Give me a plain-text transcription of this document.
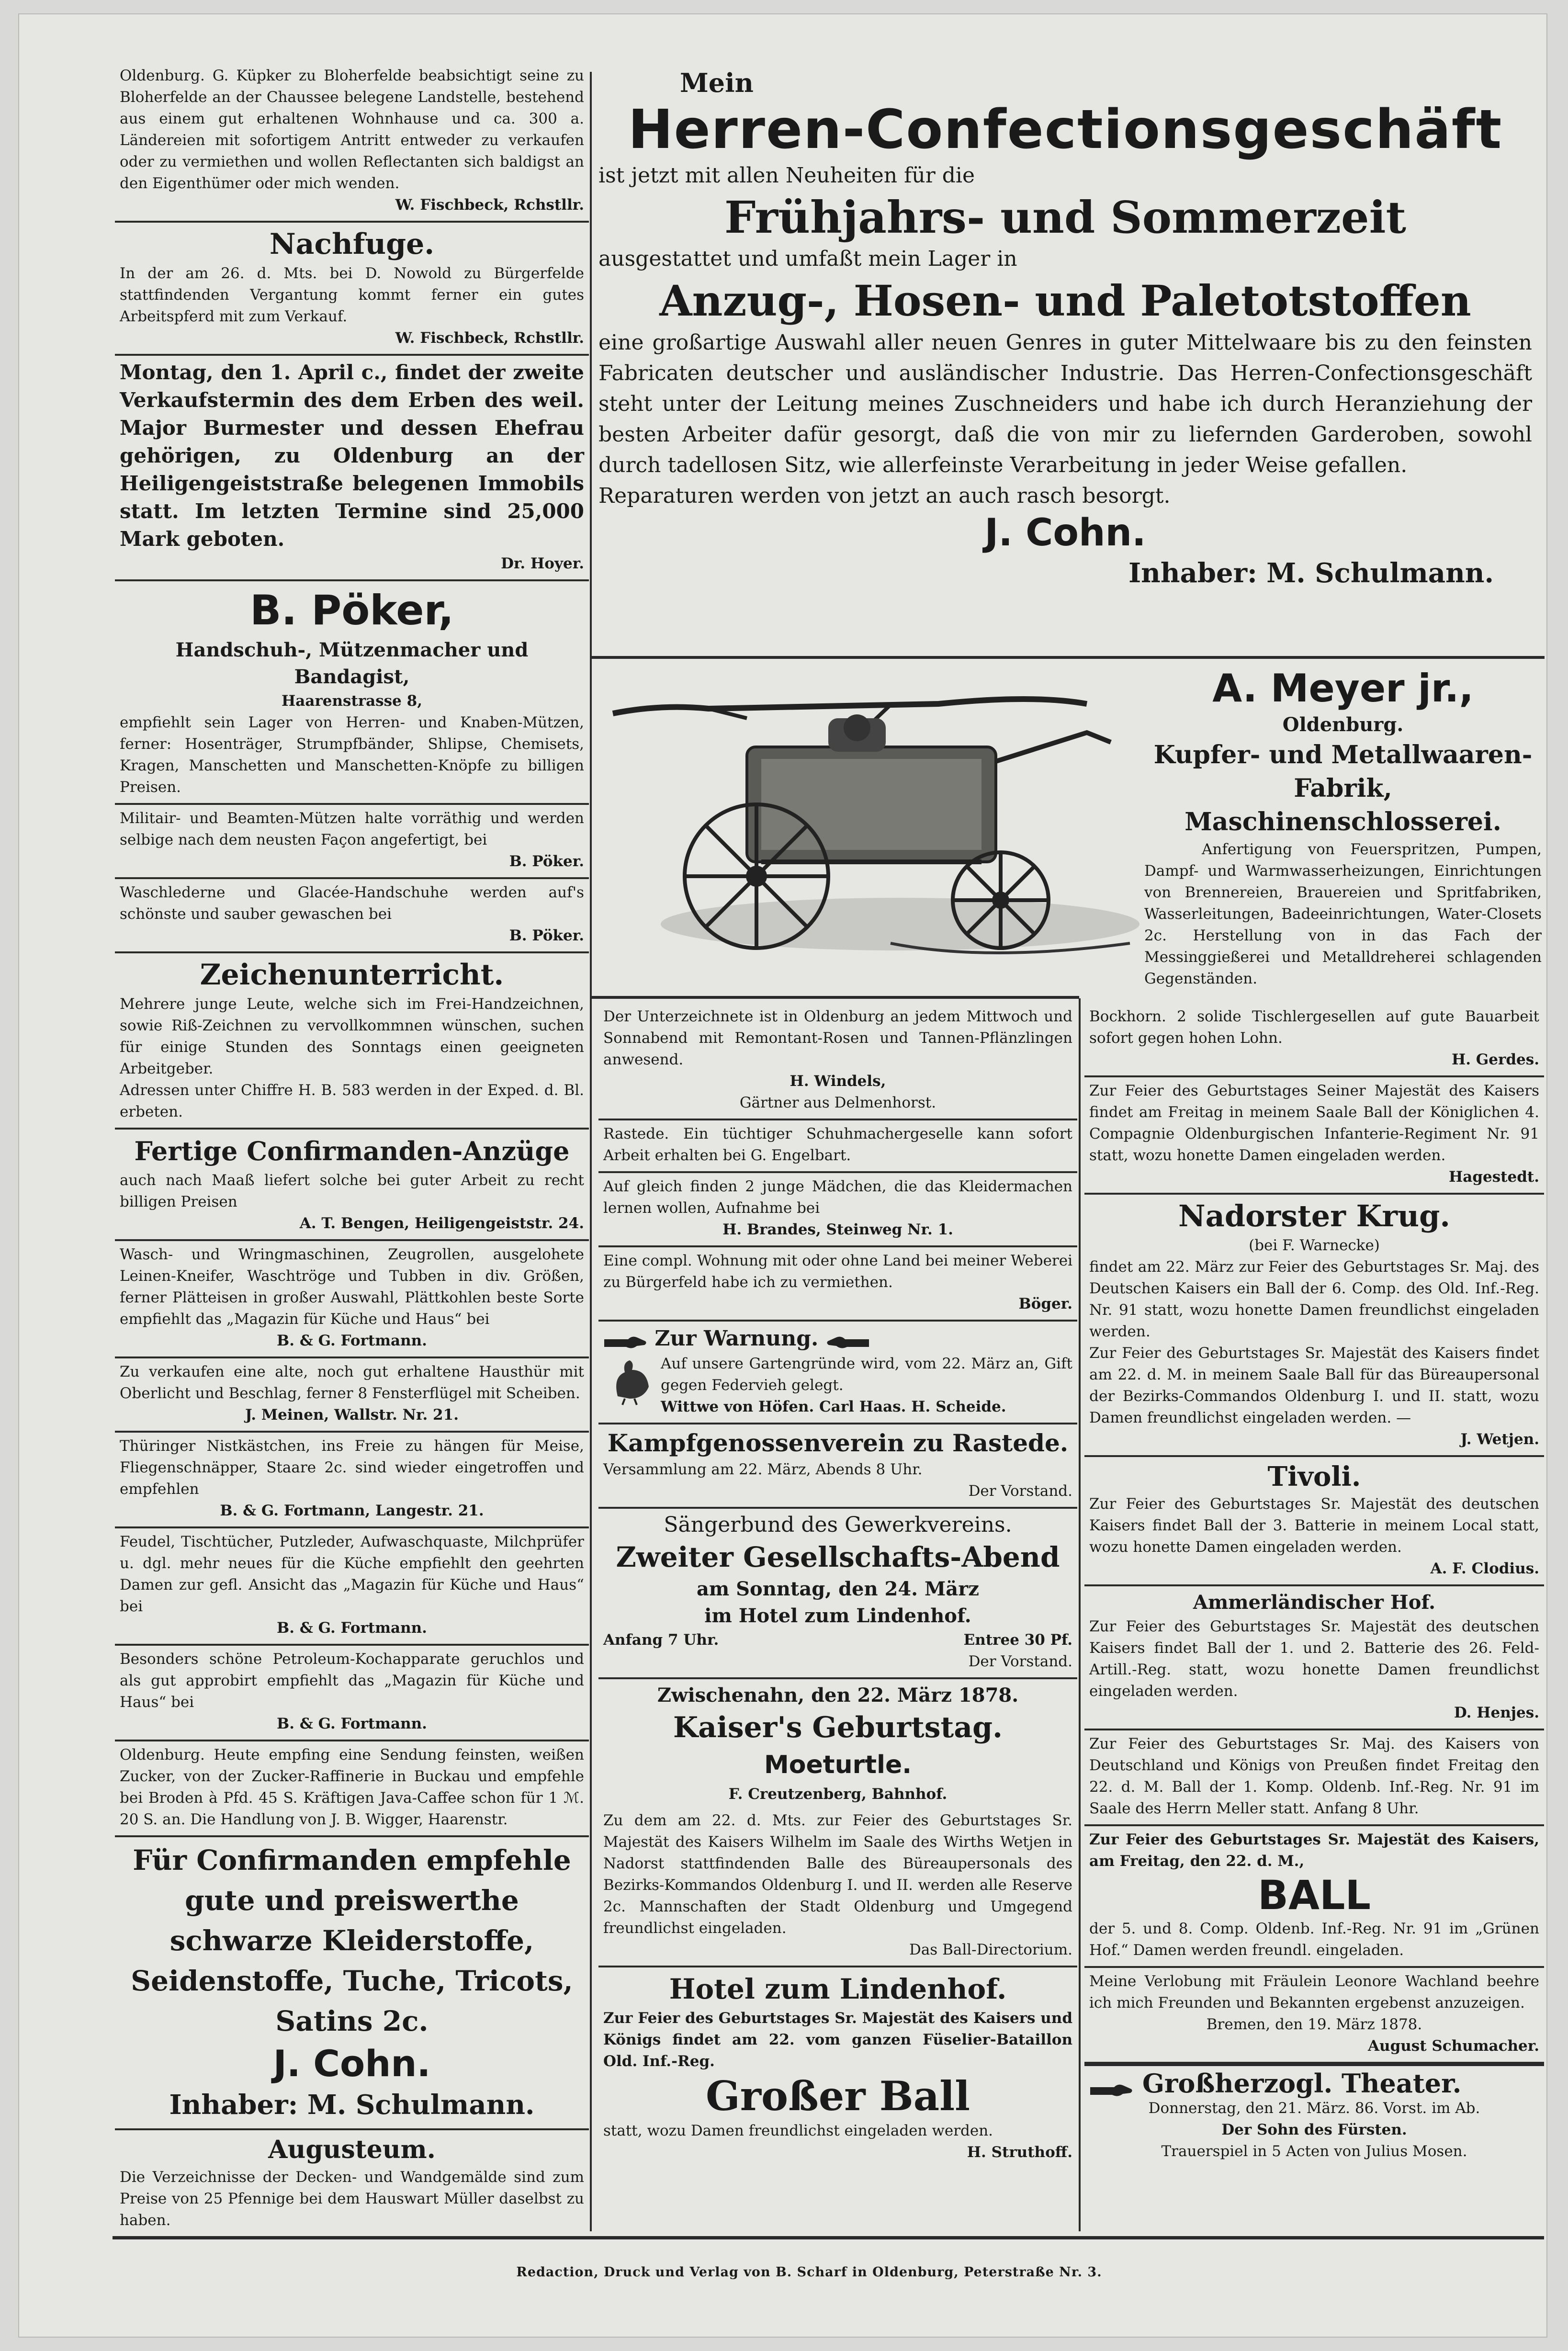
Oldenburg. G. Küpker zu Bloherfelde beabsichtigt seine zu Bloherfelde an der Chaussee belegene Landstelle, bestehend aus einem gut erhaltenen Wohnhause und ca. 300 a. Ländereien mit sofortigem Antritt entweder zu verkaufen oder zu vermiethen und wollen Reflectanten sich baldigst an den Eigenthümer oder mich wenden.

W. Fischbeck, Rchstllr.

Nachfuge.

In der am 26. d. Mts. bei D. Nowold zu Bürgerfelde stattfindenden Vergantung kommt ferner ein gutes Arbeitspferd mit zum Verkauf.

W. Fischbeck, Rchstllr.

Montag, den 1. April c., findet der zweite Verkaufstermin des dem Erben des weil. Major Burmester und dessen Ehefrau gehörigen, zu Oldenburg an der Heiligengeiststraße belegenen Immobils statt. Im letzten Termine sind 25,000 Mark geboten.

Dr. Hoyer.

B. Pöker,

Handschuh-, Mützenmacher und Bandagist,

Haarenstrasse 8,

empfiehlt sein Lager von Herren- und Knaben-Mützen, ferner: Hosenträger, Strumpfbänder, Shlipse, Chemisets, Kragen, Manschetten und Manschetten-Knöpfe zu billigen Preisen.

Militair- und Beamten-Mützen halte vorräthig und werden selbige nach dem neusten Façon angefertigt, bei

B. Pöker.

Waschlederne und Glacée-Handschuhe werden auf's schönste und sauber gewaschen bei

B. Pöker.

Zeichenunterricht.

Mehrere junge Leute, welche sich im Frei-Handzeichnen, sowie Riß-Zeichnen zu vervollkommnen wünschen, suchen für einige Stunden des Sonntags einen geeigneten Arbeitgeber.

Adressen unter Chiffre H. B. 583 werden in der Exped. d. Bl. erbeten.

Fertige Confirmanden-Anzüge

auch nach Maaß liefert solche bei guter Arbeit zu recht billigen Preisen

A. T. Bengen, Heiligengeiststr. 24.

Wasch- und Wringmaschinen, Zeugrollen, ausgelohete Leinen-Kneifer, Waschtröge und Tubben in div. Größen, ferner Plätteisen in großer Auswahl, Plättkohlen beste Sorte empfiehlt das „Magazin für Küche und Haus“ bei

B. & G. Fortmann.

Zu verkaufen eine alte, noch gut erhaltene Hausthür mit Oberlicht und Beschlag, ferner 8 Fensterflügel mit Scheiben.

J. Meinen, Wallstr. Nr. 21.

Thüringer Nistkästchen, ins Freie zu hängen für Meise, Fliegenschnäpper, Staare 2c. sind wieder eingetroffen und empfehlen

B. & G. Fortmann, Langestr. 21.

Feudel, Tischtücher, Putzleder, Aufwaschquaste, Milchprüfer u. dgl. mehr neues für die Küche empfiehlt den geehrten Damen zur gefl. Ansicht das „Magazin für Küche und Haus“ bei

B. & G. Fortmann.

Besonders schöne Petroleum-Kochapparate geruchlos und als gut approbirt empfiehlt das „Magazin für Küche und Haus“ bei

B. & G. Fortmann.

Oldenburg. Heute empfing eine Sendung feinsten, weißen Zucker, von der Zucker-Raffinerie in Buckau und empfehle bei Broden à Pfd. 45 S. Kräftigen Java-Caffee schon für 1 ℳ. 20 S. an. Die Handlung von J. B. Wigger, Haarenstr.

Für Confirmanden empfehle gute und preiswerthe schwarze Kleiderstoffe, Seidenstoffe, Tuche, Tricots, Satins 2c.

J. Cohn.

Inhaber: M. Schulmann.

Augusteum.

Die Verzeichnisse der Decken- und Wandgemälde sind zum Preise von 25 Pfennige bei dem Hauswart Müller daselbst zu haben.

Mein

Herren-Confectionsgeschäft

ist jetzt mit allen Neuheiten für die

Frühjahrs- und Sommerzeit

ausgestattet und umfaßt mein Lager in

Anzug-, Hosen- und Paletotstoffen

eine großartige Auswahl aller neuen Genres in guter Mittelwaare bis zu den feinsten Fabricaten deutscher und ausländischer Industrie. Das Herren-Confectionsgeschäft steht unter der Leitung meines Zuschneiders und habe ich durch Heranziehung der besten Arbeiter dafür gesorgt, daß die von mir zu liefernden Garderoben, sowohl durch tadellosen Sitz, wie allerfeinste Verarbeitung in jeder Weise gefallen.

Reparaturen werden von jetzt an auch rasch besorgt.

J. Cohn.

Inhaber: M. Schulmann.

A. Meyer jr.,

Oldenburg.

Kupfer- und Metallwaaren-Fabrik, Maschinenschlosserei.

Anfertigung von Feuerspritzen, Pumpen, Dampf- und Warmwasserheizungen, Einrichtungen von Brennereien, Brauereien und Spritfabriken, Wasserleitungen, Badeeinrichtungen, Water-Closets 2c. Herstellung von in das Fach der Messinggießerei und Metalldreherei schlagenden Gegenständen.

Der Unterzeichnete ist in Oldenburg an jedem Mittwoch und Sonnabend mit Remontant-Rosen und Tannen-Pflänzlingen anwesend.

H. Windels,

Gärtner aus Delmenhorst.

Rastede. Ein tüchtiger Schuhmachergeselle kann sofort Arbeit erhalten bei G. Engelbart.

Auf gleich finden 2 junge Mädchen, die das Kleidermachen lernen wollen, Aufnahme bei

H. Brandes, Steinweg Nr. 1.

Eine compl. Wohnung mit oder ohne Land bei meiner Weberei zu Bürgerfeld habe ich zu vermiethen.

Böger.

Zur Warnung.

Auf unsere Gartengründe wird, vom 22. März an, Gift gegen Federvieh gelegt.

Wittwe von Höfen. Carl Haas. H. Scheide.

Kampfgenossenverein zu Rastede.

Versammlung am 22. März, Abends 8 Uhr.

Der Vorstand.

Sängerbund des Gewerkvereins.

Zweiter Gesellschafts-Abend

am Sonntag, den 24. März

im Hotel zum Lindenhof.

Anfang 7 Uhr.	Entree 30 Pf.

Der Vorstand.

Zwischenahn, den 22. März 1878.

Kaiser's Geburtstag.

Moeturtle.

F. Creutzenberg, Bahnhof.

Zu dem am 22. d. Mts. zur Feier des Geburtstages Sr. Majestät des Kaisers Wilhelm im Saale des Wirths Wetjen in Nadorst stattfindenden Balle des Büreaupersonals des Bezirks-Kommandos Oldenburg I. und II. werden alle Reserve 2c. Mannschaften der Stadt Oldenburg und Umgegend freundlichst eingeladen.

Das Ball-Directorium.

Hotel zum Lindenhof.

Zur Feier des Geburtstages Sr. Majestät des Kaisers und Königs findet am 22. vom ganzen Füselier-Bataillon Old. Inf.-Reg.

Großer Ball

statt, wozu Damen freundlichst eingeladen werden.

H. Struthoff.

Bockhorn. 2 solide Tischlergesellen auf gute Bauarbeit sofort gegen hohen Lohn.

H. Gerdes.

Zur Feier des Geburtstages Seiner Majestät des Kaisers findet am Freitag in meinem Saale Ball der Königlichen 4. Compagnie Oldenburgischen Infanterie-Regiment Nr. 91 statt, wozu honette Damen eingeladen werden.

Hagestedt.

Nadorster Krug.

(bei F. Warnecke)

findet am 22. März zur Feier des Geburtstages Sr. Maj. des Deutschen Kaisers ein Ball der 6. Comp. des Old. Inf.-Reg. Nr. 91 statt, wozu honette Damen freundlichst eingeladen werden.

Zur Feier des Geburtstages Sr. Majestät des Kaisers findet am 22. d. M. in meinem Saale Ball für das Büreaupersonal der Bezirks-Commandos Oldenburg I. und II. statt, wozu Damen freundlichst eingeladen werden. —

J. Wetjen.

Tivoli.

Zur Feier des Geburtstages Sr. Majestät des deutschen Kaisers findet Ball der 3. Batterie in meinem Local statt, wozu honette Damen eingeladen werden.

A. F. Clodius.

Ammerländischer Hof.

Zur Feier des Geburtstages Sr. Majestät des deutschen Kaisers findet Ball der 1. und 2. Batterie des 26. Feld-Artill.-Reg. statt, wozu honette Damen freundlichst eingeladen werden.

D. Henjes.

Zur Feier des Geburtstages Sr. Maj. des Kaisers von Deutschland und Königs von Preußen findet Freitag den 22. d. M. Ball der 1. Komp. Oldenb. Inf.-Reg. Nr. 91 im Saale des Herrn Meller statt. Anfang 8 Uhr.

Zur Feier des Geburtstages Sr. Majestät des Kaisers, am Freitag, den 22. d. M.,

BALL

der 5. und 8. Comp. Oldenb. Inf.-Reg. Nr. 91 im „Grünen Hof.“ Damen werden freundl. eingeladen.

Meine Verlobung mit Fräulein Leonore Wachland beehre ich mich Freunden und Bekannten ergebenst anzuzeigen.

Bremen, den 19. März 1878.

August Schumacher.

Großherzogl. Theater.

Donnerstag, den 21. März. 86. Vorst. im Ab.

Der Sohn des Fürsten.

Trauerspiel in 5 Acten von Julius Mosen.

Redaction, Druck und Verlag von B. Scharf in Oldenburg, Peterstraße Nr. 3.
